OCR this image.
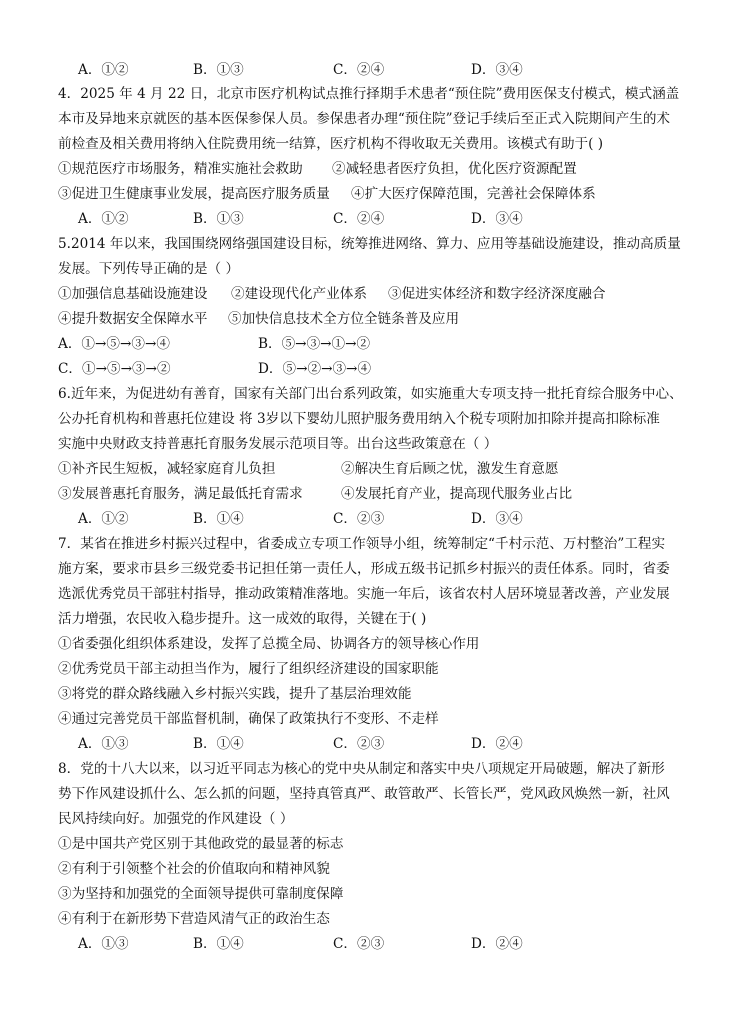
A．①②	B．①③	C．②④	D．③④
4．2025 年 4 月 22 日，北京市医疗机构试点推行择期手术患者“预住院”费用医保支付模式，模式涵盖
本市及异地来京就医的基本医保参保人员。参保患者办理“预住院”登记手续后至正式入院期间产生的术
前检查及相关费用将纳入住院费用统一结算，医疗机构不得收取无关费用。该模式有助于( )
①规范医疗市场服务，精准实施社会救助 ②减轻患者医疗负担，优化医疗资源配置
③促进卫生健康事业发展，提高医疗服务质量 ④扩大医疗保障范围，完善社会保障体系
A．①②	B．①③	C．②④	D．③④
5.2014 年以来，我国围绕网络强国建设目标，统筹推进网络、算力、应用等基础设施建设，推动高质量
发展。下列传导正确的是（ ）
①加强信息基础设施建设 ②建设现代化产业体系 ③促进实体经济和数字经济深度融合
④提升数据安全保障水平 ⑤加快信息技术全方位全链条普及应用
A．①→⑤→③→④	B．⑤→③→①→②
C．①→⑤→③→②	D．⑤→②→③→④
6.近年来，为促进幼有善育，国家有关部门出台系列政策，如实施重大专项支持一批托育综合服务中心、
公办托育机构和普惠托位建设 将 3岁以下婴幼儿照护服务费用纳入个税专项附加扣除并提高扣除标准
实施中央财政支持普惠托育服务发展示范项目等。出台这些政策意在（ ）
①补齐民生短板，减轻家庭育儿负担	②解决生育后顾之忧，激发生育意愿
③发展普惠托育服务，满足最低托育需求	④发展托育产业，提高现代服务业占比
A．①②	B．①④	C．②③	D．③④
7．某省在推进乡村振兴过程中，省委成立专项工作领导小组，统筹制定“千村示范、万村整治”工程实
施方案，要求市县乡三级党委书记担任第一责任人，形成五级书记抓乡村振兴的责任体系。同时，省委
选派优秀党员干部驻村指导，推动政策精准落地。实施一年后，该省农村人居环境显著改善，产业发展
活力增强，农民收入稳步提升。这一成效的取得，关键在于( )
①省委强化组织体系建设，发挥了总揽全局、协调各方的领导核心作用
②优秀党员干部主动担当作为，履行了组织经济建设的国家职能
③将党的群众路线融入乡村振兴实践，提升了基层治理效能
④通过完善党员干部监督机制，确保了政策执行不变形、不走样
A．①③	B．①④	C．②③	D．②④
8．党的十八大以来，以习近平同志为核心的党中央从制定和落实中央八项规定开局破题，解决了新形
势下作风建设抓什么、怎么抓的问题，坚持真管真严、敢管敢严、长管长严，党风政风焕然一新，社风
民风持续向好。加强党的作风建设（ ）
①是中国共产党区别于其他政党的最显著的标志
②有利于引领整个社会的价值取向和精神风貌
③为坚持和加强党的全面领导提供可靠制度保障
④有利于在新形势下营造风清气正的政治生态
A．①③	B．①④	C．②③	D．②④
